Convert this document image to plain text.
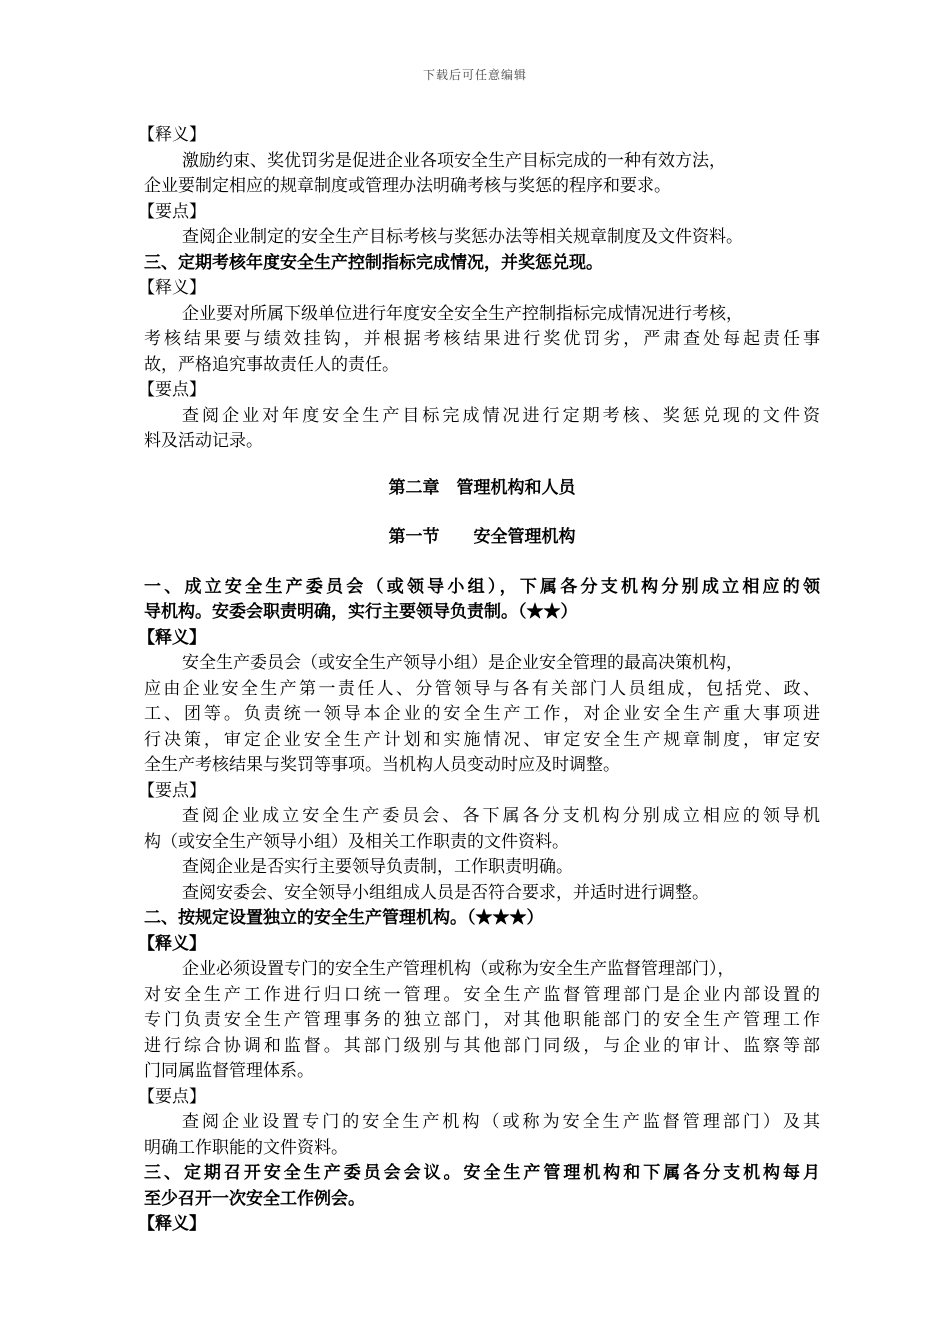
下载后可任意编辑
【释义】
激励约束、奖优罚劣是促进企业各项安全生产目标完成的一种有效方法，
企业要制定相应的规章制度或管理办法明确考核与奖惩的程序和要求。
【要点】
查阅企业制定的安全生产目标考核与奖惩办法等相关规章制度及文件资料。
三、定期考核年度安全生产控制指标完成情况，并奖惩兑现。
【释义】
企业要对所属下级单位进行年度安全安全生产控制指标完成情况进行考核，
考核结果要与绩效挂钩，并根据考核结果进行奖优罚劣，严肃查处每起责任事
故，严格追究事故责任人的责任。
【要点】
查阅企业对年度安全生产目标完成情况进行定期考核、奖惩兑现的文件资
料及活动记录。
第二章　管理机构和人员
第一节　　安全管理机构
一、成立安全生产委员会（或领导小组），下属各分支机构分别成立相应的领
导机构。安委会职责明确，实行主要领导负责制。（★★）
【释义】
安全生产委员会（或安全生产领导小组）是企业安全管理的最高决策机构，
应由企业安全生产第一责任人、分管领导与各有关部门人员组成，包括党、政、
工、团等。负责统一领导本企业的安全生产工作，对企业安全生产重大事项进
行决策，审定企业安全生产计划和实施情况、审定安全生产规章制度，审定安
全生产考核结果与奖罚等事项。当机构人员变动时应及时调整。
【要点】
查阅企业成立安全生产委员会、各下属各分支机构分别成立相应的领导机
构（或安全生产领导小组）及相关工作职责的文件资料。
查阅企业是否实行主要领导负责制，工作职责明确。
查阅安委会、安全领导小组组成人员是否符合要求，并适时进行调整。
二、按规定设置独立的安全生产管理机构。（★★★）
【释义】
企业必须设置专门的安全生产管理机构（或称为安全生产监督管理部门），
对安全生产工作进行归口统一管理。安全生产监督管理部门是企业内部设置的
专门负责安全生产管理事务的独立部门，对其他职能部门的安全生产管理工作
进行综合协调和监督。其部门级别与其他部门同级，与企业的审计、监察等部
门同属监督管理体系。
【要点】
查阅企业设置专门的安全生产机构（或称为安全生产监督管理部门）及其
明确工作职能的文件资料。
三、定期召开安全生产委员会会议。安全生产管理机构和下属各分支机构每月
至少召开一次安全工作例会。
【释义】
